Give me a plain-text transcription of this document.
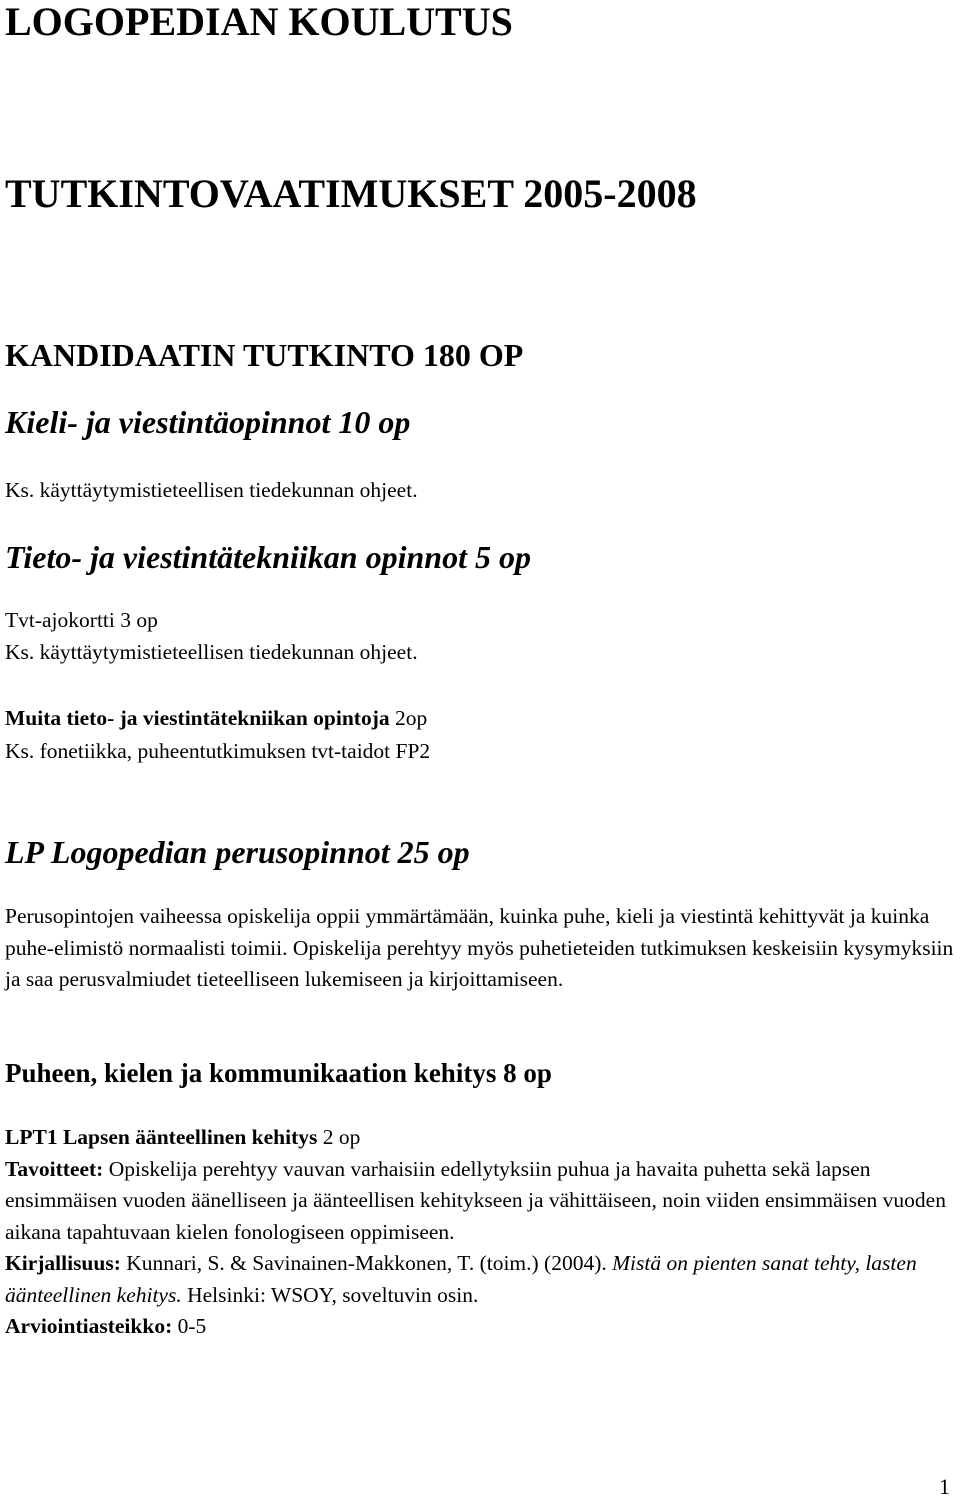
LOGOPEDIAN KOULUTUS
TUTKINTOVAATIMUKSET 2005-2008
KANDIDAATIN TUTKINTO 180 OP
Kieli- ja viestintäopinnot 10 op

Ks. käyttäytymistieteellisen tiedekunnan ohjeet.

Tieto- ja viestintätekniikan opinnot 5 op

Tvt-ajokortti 3 op

Ks. käyttäytymistieteellisen tiedekunnan ohjeet.

Muita tieto- ja viestintätekniikan opintoja 2op

Ks. fonetiikka, puheentutkimuksen tvt-taidot FP2

LP Logopedian perusopinnot 25 op

Perusopintojen vaiheessa opiskelija oppii ymmärtämään, kuinka puhe, kieli ja viestintä kehittyvät ja kuinka puhe-elimistö normaalisti toimii. Opiskelija perehtyy myös puhetieteiden tutkimuksen keskeisiin kysymyksiin ja saa perusvalmiudet tieteelliseen lukemiseen ja kirjoittamiseen.

Puheen, kielen ja kommunikaation kehitys 8 op
LPT1 Lapsen äänteellinen kehitys 2 op
Tavoitteet: Opiskelija perehtyy vauvan varhaisiin edellytyksiin puhua ja havaita puhetta sekä lapsen ensimmäisen vuoden äänelliseen ja äänteellisen kehitykseen ja vähittäiseen, noin viiden ensimmäisen vuoden aikana tapahtuvaan kielen fonologiseen oppimiseen.
Kirjallisuus: Kunnari, S. & Savinainen-Makkonen, T. (toim.) (2004). Mistä on pienten sanat tehty, lasten äänteellinen kehitys. Helsinki: WSOY, soveltuvin osin.
Arviointiasteikko: 0-5
1
